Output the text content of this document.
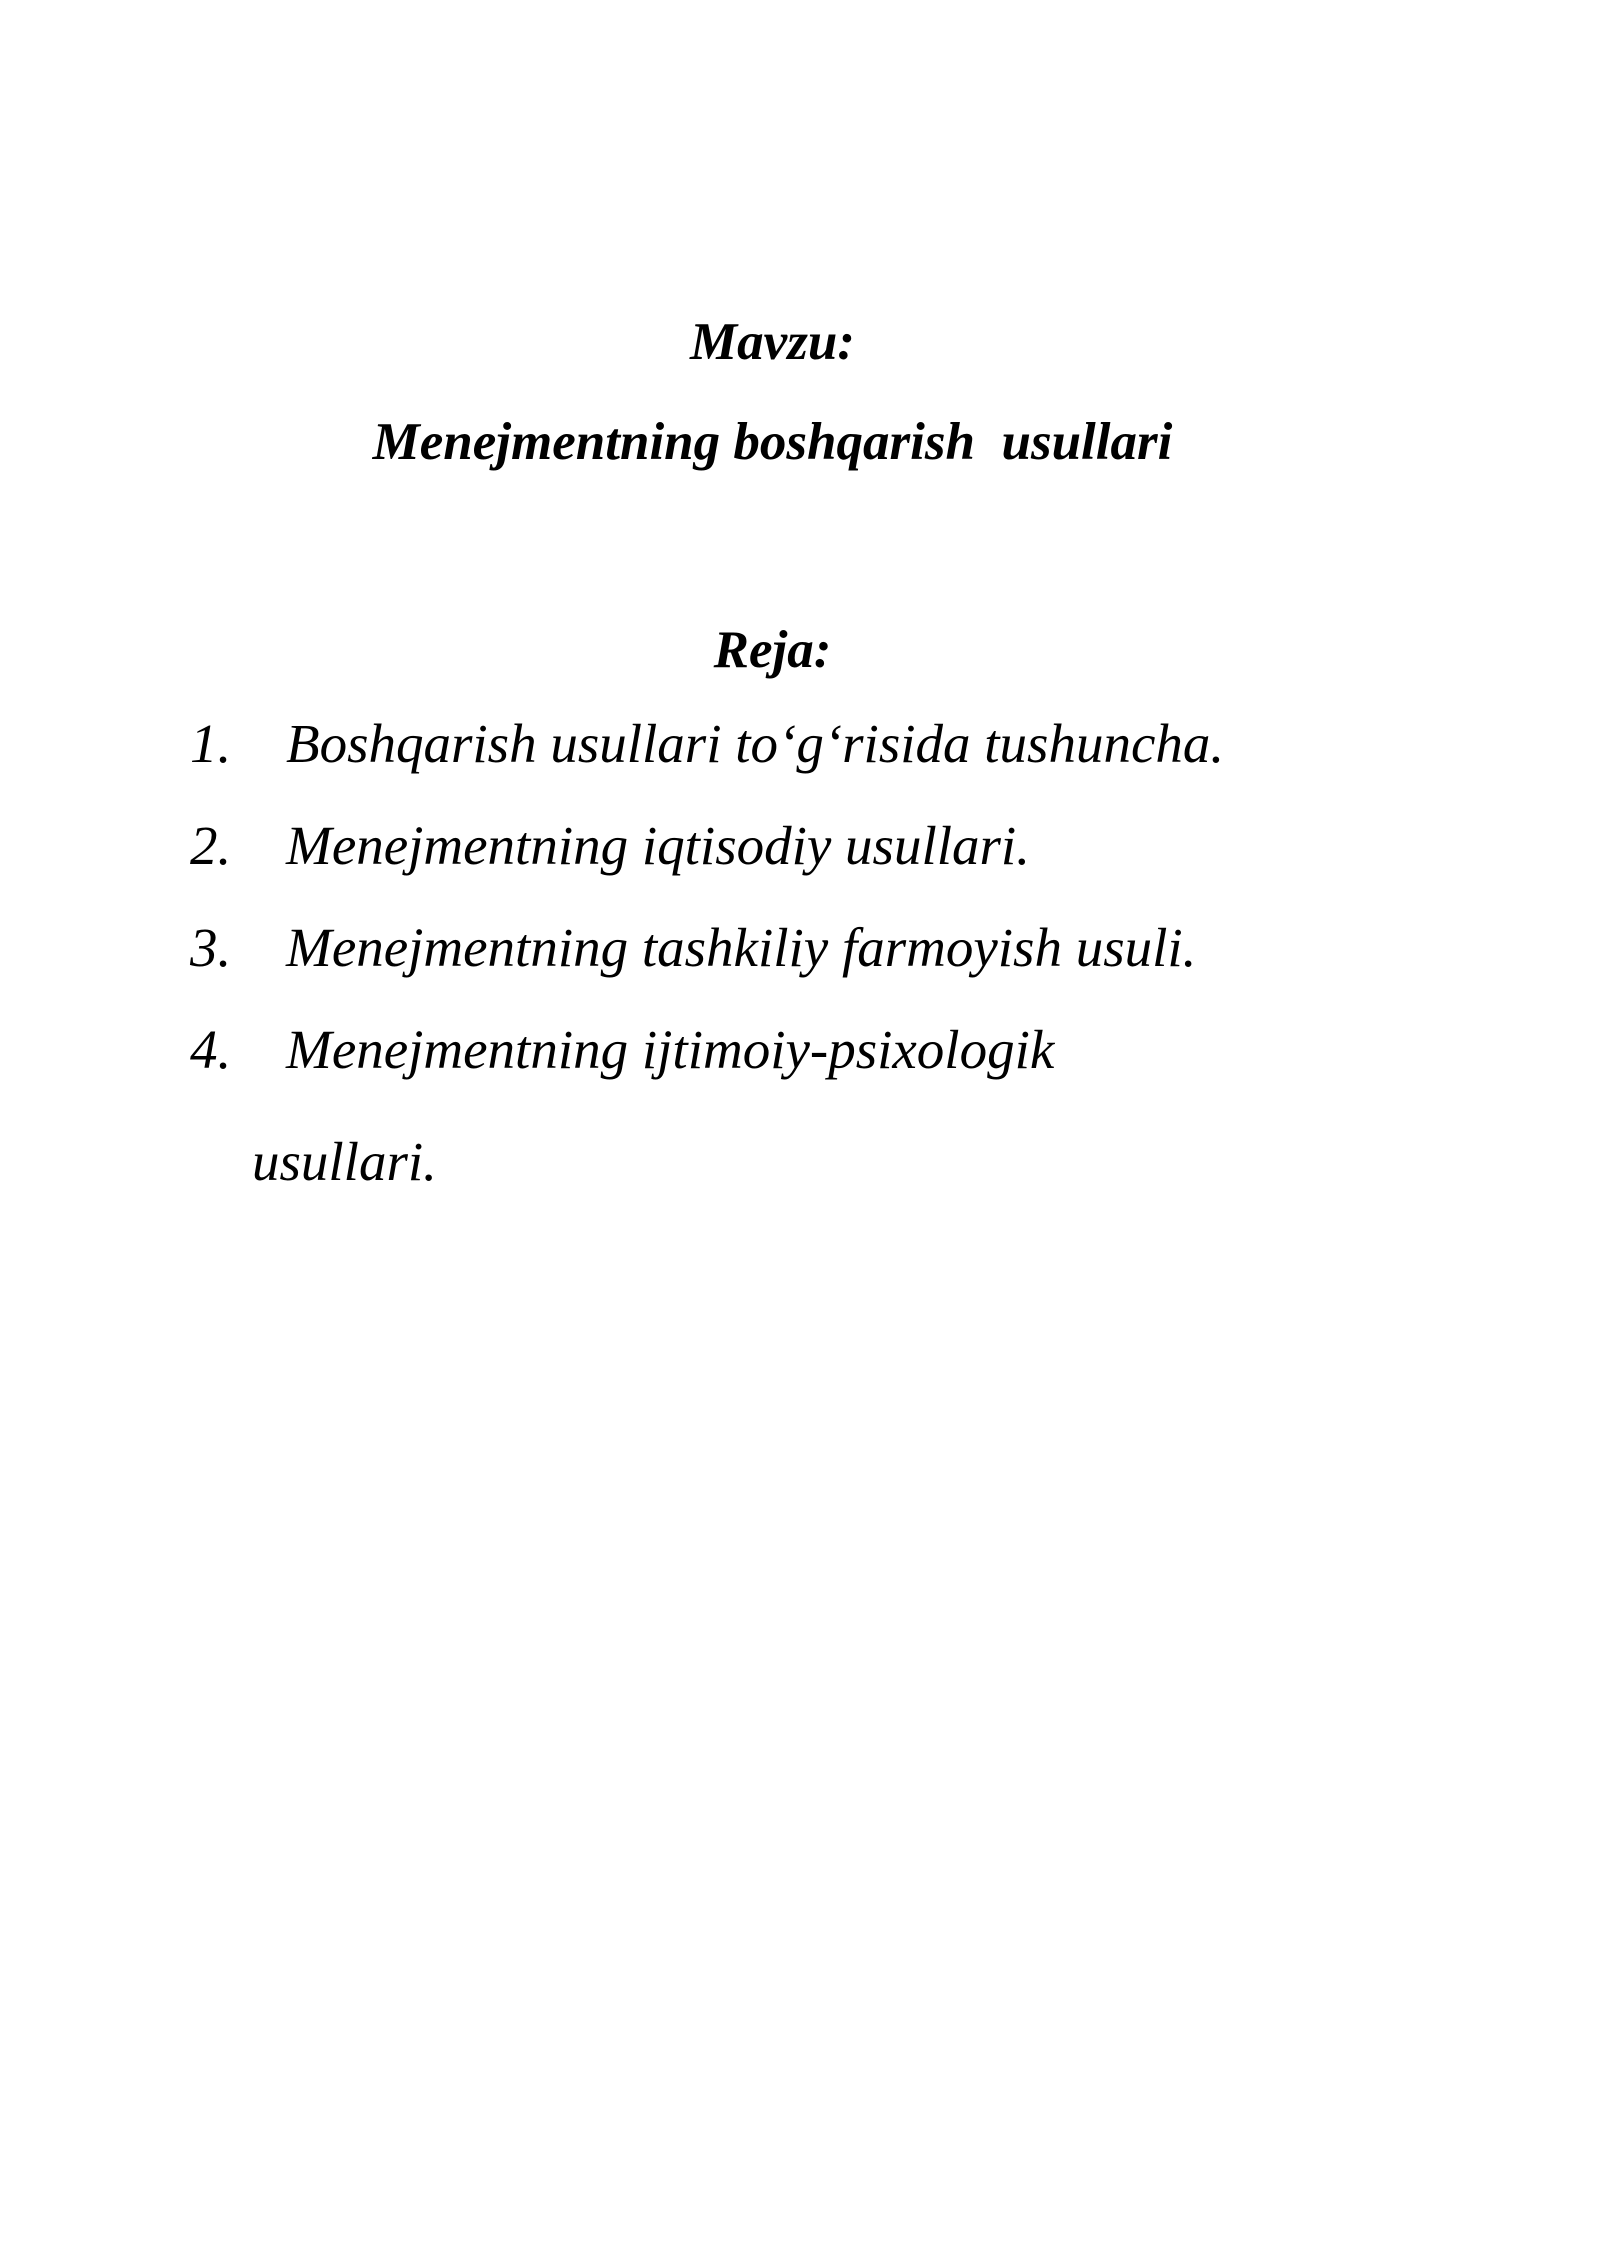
Mavzu:

Menejmentning boshqarish  usullari

Reja:

1. Boshqarish usullari to‘g‘risida tushuncha.
2. Menejmentning iqtisodiy usullari.
3. Menejmentning tashkiliy farmoyish usuli.
4. Menejmentning ijtimoiy-psixologik
usullari.
